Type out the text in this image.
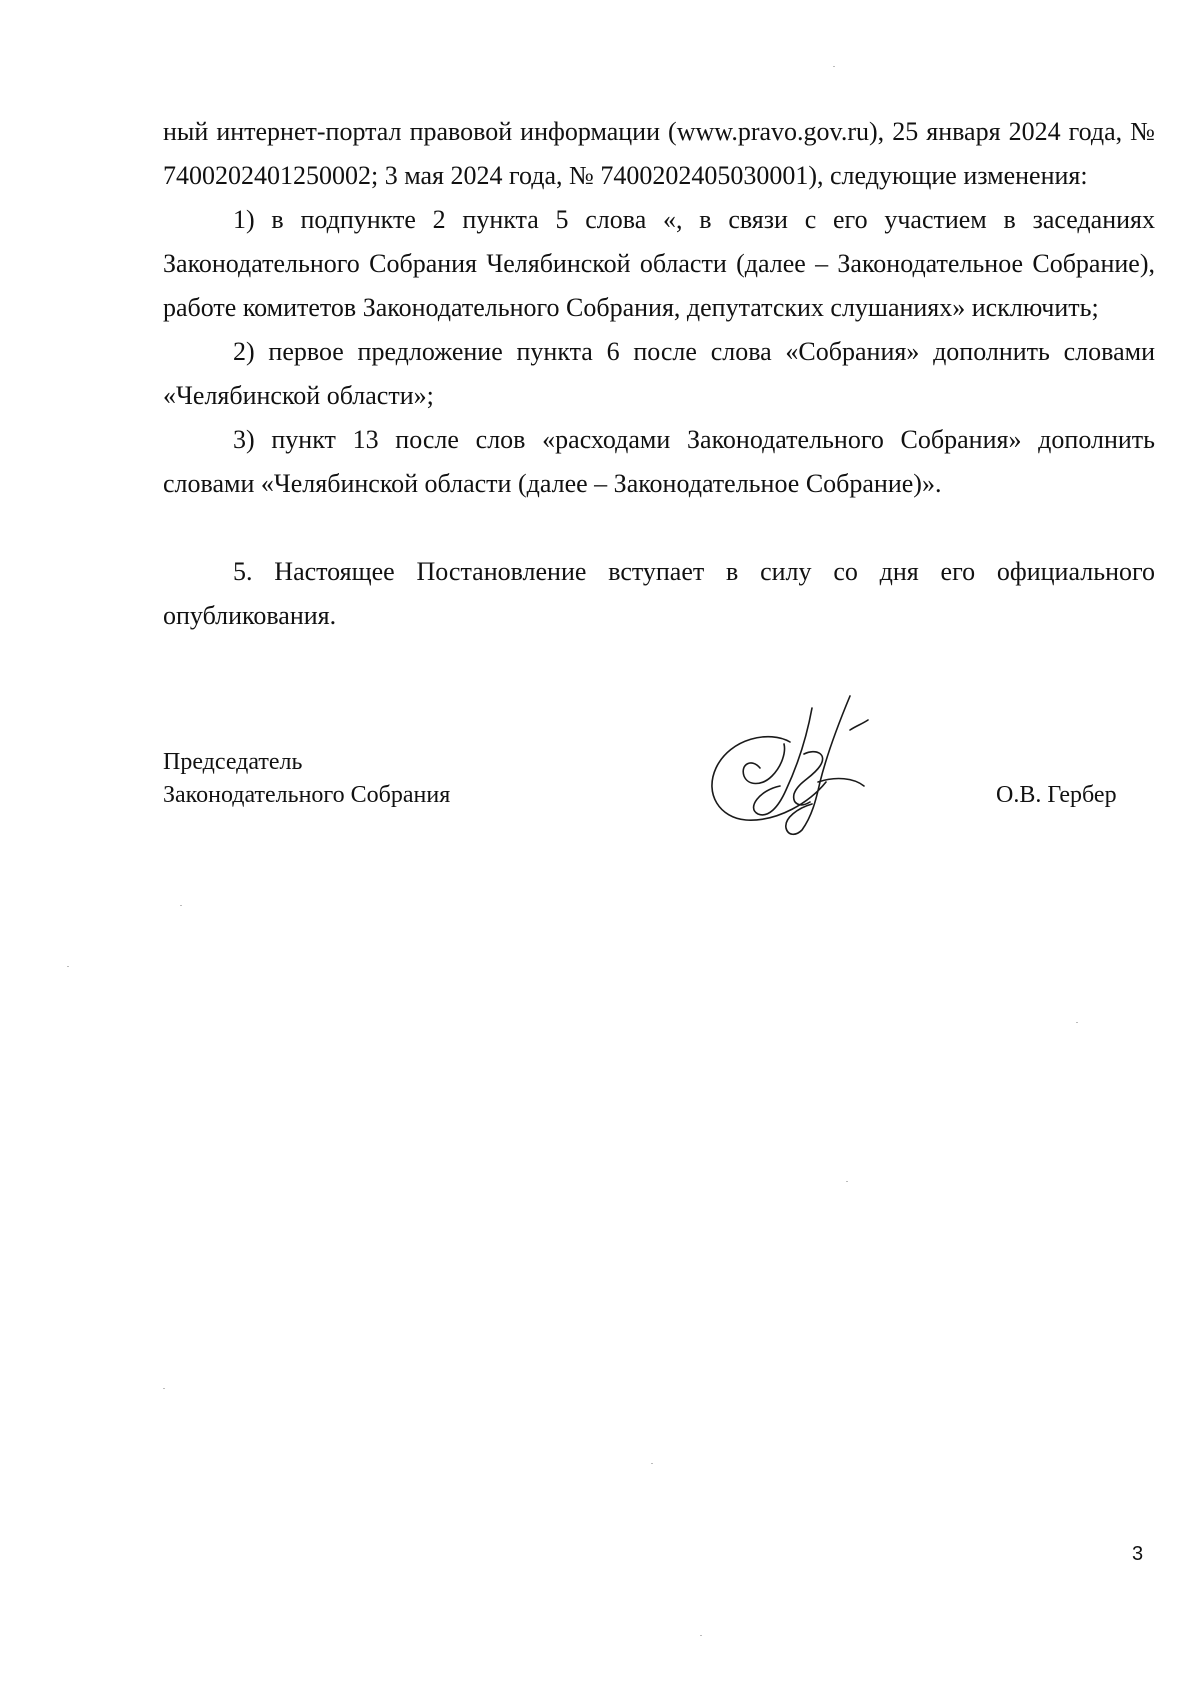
ный интернет-портал правовой информации (www.pravo.gov.ru), 25 января 2024 года, № 7400202401250002; 3 мая 2024 года, № 7400202405030001), следующие изменения:

1) в подпункте 2 пункта 5 слова «, в связи с его участием в заседаниях Законодательного Собрания Челябинской области (далее – Законодательное Собрание), работе комитетов Законодательного Собрания, депутатских слушаниях» исключить;

2) первое предложение пункта 6 после слова «Собрания» дополнить словами «Челябинской области»;

3) пункт 13 после слов «расходами Законодательного Собрания» дополнить словами «Челябинской области (далее – Законодательное Собрание)».

5. Настоящее Постановление вступает в силу со дня его официального опубликования.

Председатель
Законодательного Собрания	О.В. Гербер
3
